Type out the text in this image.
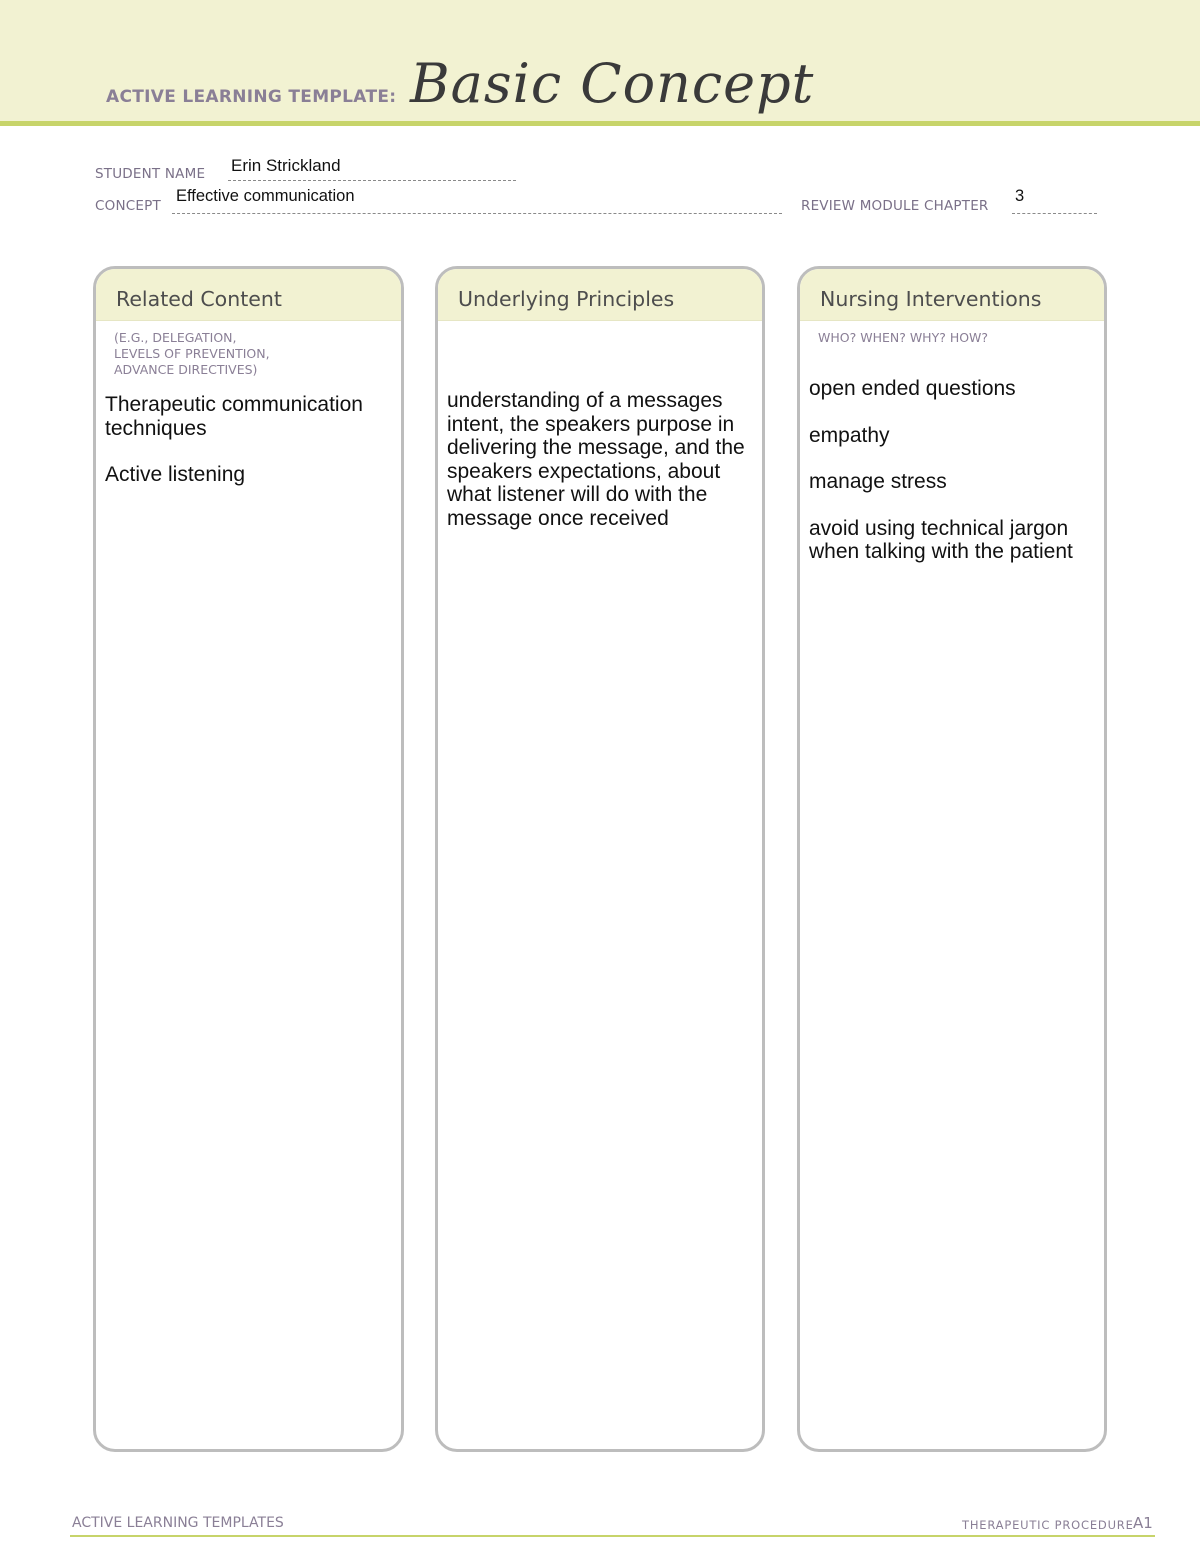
ACTIVE LEARNING TEMPLATE: Basic Concept
STUDENT NAME Erin Strickland
CONCEPT
Effective communication
REVIEW MODULE CHAPTER
3
Related Content
(E.G., DELEGATION,
LEVELS OF PREVENTION,
ADVANCE DIRECTIVES)
Therapeutic communication
techniques
Active listening
Underlying Principles
understanding of a messages intent, the speakers purpose in delivering the message, and the speakers expectations, about what listener will do with the message once received
Nursing Interventions
WHO? WHEN? WHY? HOW?
open ended questions
empathy
manage stress
avoid using technical jargon when talking with the patient
ACTIVE LEARNING TEMPLATES	THERAPEUTIC PROCEDURE A1
